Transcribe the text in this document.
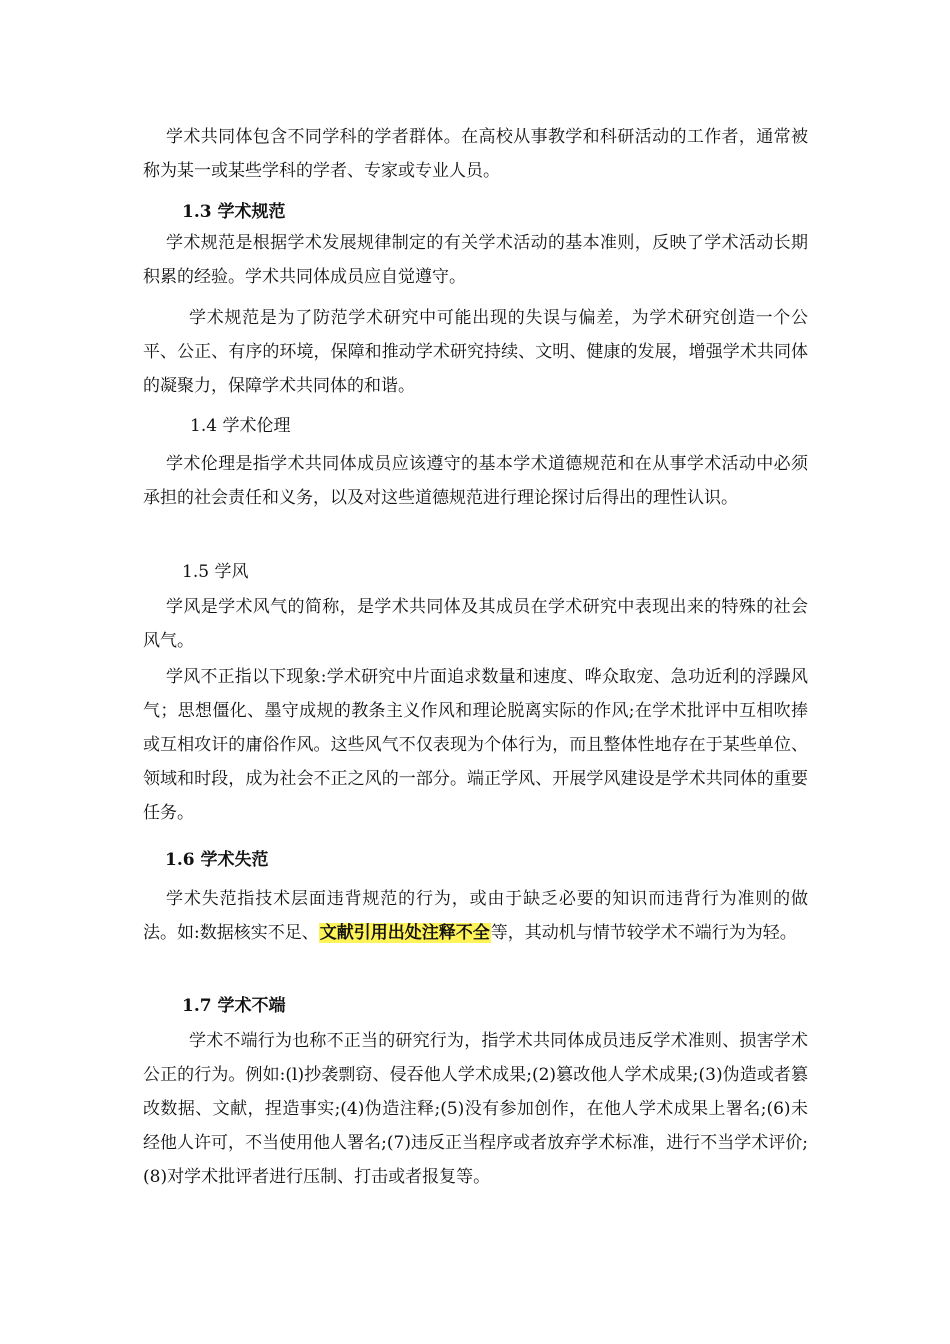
学术共同体包含不同学科的学者群体。在高校从事教学和科研活动的工作者，通常被称为某一或某些学科的学者、专家或专业人员。

1.3 学术规范

学术规范是根据学术发展规律制定的有关学术活动的基本准则，反映了学术活动长期积累的经验。学术共同体成员应自觉遵守。

学术规范是为了防范学术研究中可能出现的失误与偏差，为学术研究创造一个公平、公正、有序的环境，保障和推动学术研究持续、文明、健康的发展，增强学术共同体的凝聚力，保障学术共同体的和谐。

1.4 学术伦理

学术伦理是指学术共同体成员应该遵守的基本学术道德规范和在从事学术活动中必须承担的社会责任和义务，以及对这些道德规范进行理论探讨后得出的理性认识。

1.5 学风

学风是学术风气的简称，是学术共同体及其成员在学术研究中表现出来的特殊的社会风气。

学风不正指以下现象:学术研究中片面追求数量和速度、哗众取宠、急功近利的浮躁风气；思想僵化、墨守成规的教条主义作风和理论脱离实际的作风;在学术批评中互相吹捧或互相攻讦的庸俗作风。这些风气不仅表现为个体行为，而且整体性地存在于某些单位、领域和时段，成为社会不正之风的一部分。端正学风、开展学风建设是学术共同体的重要任务。

1.6 学术失范

学术失范指技术层面违背规范的行为，或由于缺乏必要的知识而违背行为准则的做法。如:数据核实不足、文献引用出处注释不全等，其动机与情节较学术不端行为为轻。

1.7 学术不端

学术不端行为也称不正当的研究行为，指学术共同体成员违反学术准则、损害学术公正的行为。例如:(l)抄袭剽窃、侵吞他人学术成果;(2)篡改他人学术成果;(3)伪造或者篡改数据、文献，捏造事实;(4)伪造注释;(5)没有参加创作，在他人学术成果上署名;(6)未经他人许可，不当使用他人署名;(7)违反正当程序或者放弃学术标准，进行不当学术评价;(8)对学术批评者进行压制、打击或者报复等。
